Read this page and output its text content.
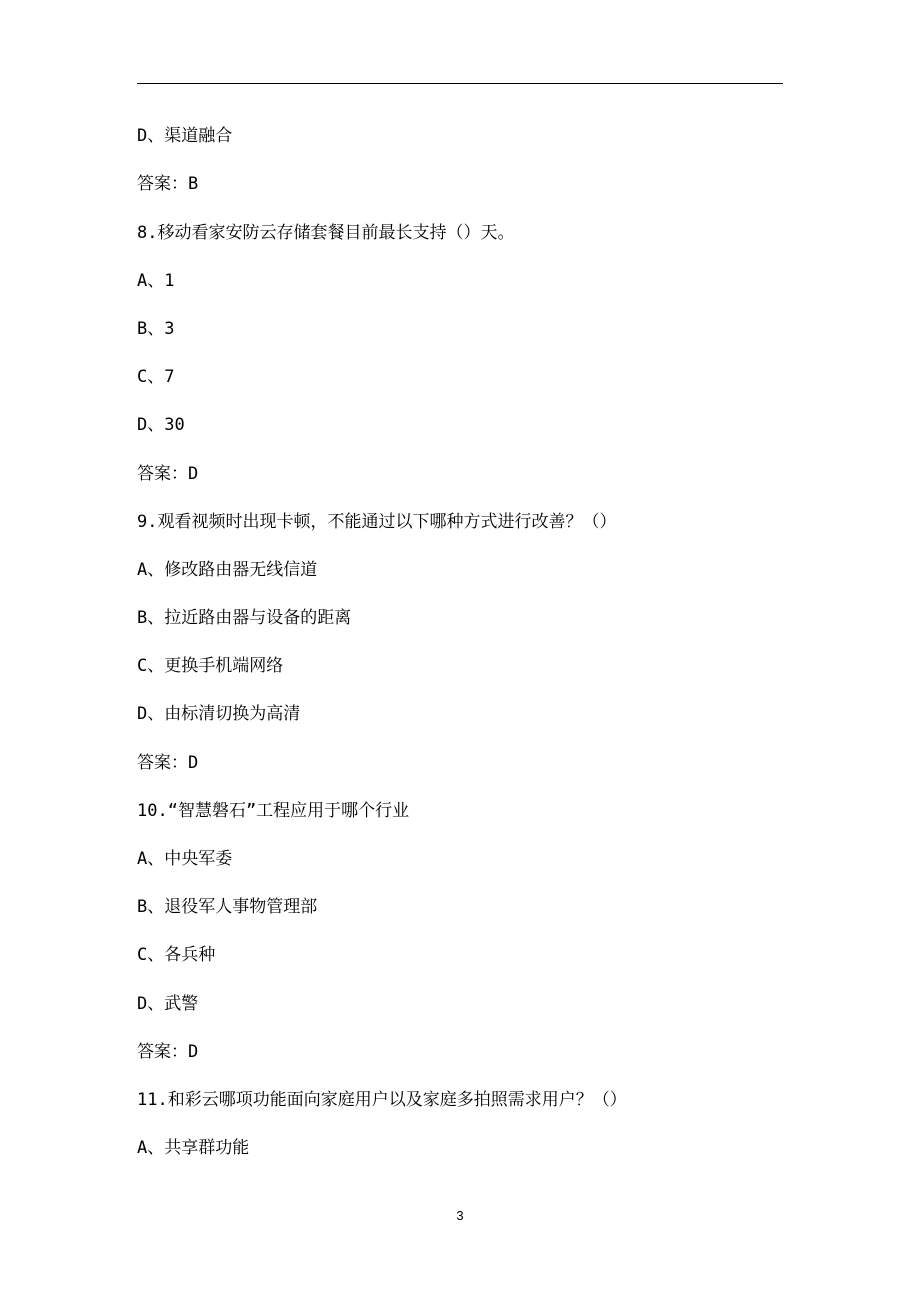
D、渠道融合
答案：B
8.移动看家安防云存储套餐目前最长支持（）天。
A、1
B、3
C、7
D、30
答案：D
9.观看视频时出现卡顿，不能通过以下哪种方式进行改善？（）
A、修改路由器无线信道
B、拉近路由器与设备的距离
C、更换手机端网络
D、由标清切换为高清
答案：D
10.“智慧磐石”工程应用于哪个行业
A、中央军委
B、退役军人事物管理部
C、各兵种
D、武警
答案：D
11.和彩云哪项功能面向家庭用户以及家庭多拍照需求用户？（）
A、共享群功能
3
